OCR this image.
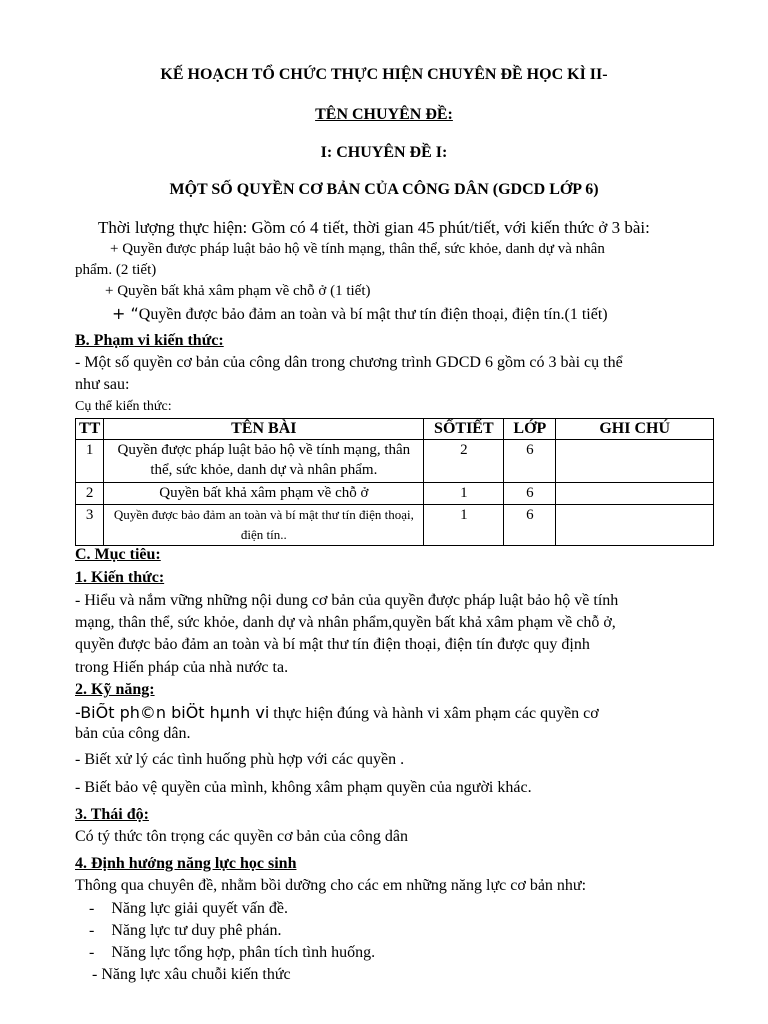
KẾ HOẠCH TỔ CHỨC THỰC HIỆN CHUYÊN ĐỀ HỌC KÌ II-
TÊN CHUYÊN ĐỀ:
I: CHUYÊN ĐỀ I:
MỘT SỐ QUYỀN CƠ BẢN CỦA CÔNG DÂN (GDCD LỚP 6)
Thời lượng thực hiện: Gồm có 4 tiết, thời gian 45 phút/tiết, với kiến thức ở 3 bài:
+ Quyền được pháp luật bảo hộ về tính mạng, thân thể, sức khỏe, danh dự và nhân
phẩm. (2 tiết)
+ Quyền bất khả xâm phạm về chỗ ở (1 tiết)
+ “Quyền được bảo đảm an toàn và bí mật thư tín điện thoại, điện tín.(1 tiết)
B. Phạm vi kiến thức:
- Một số quyền cơ bản của công dân trong chương trình GDCD 6 gồm có 3 bài cụ thể
như sau:
Cụ thể kiến thức:
TT	TÊN BÀI	SỐTIẾT	LỚP	GHI CHÚ
1	Quyền được pháp luật bảo hộ về tính mạng, thân thể, sức khỏe, danh dự và nhân phẩm.	2	6	
2	Quyền bất khả xâm phạm về chỗ ở	1	6	
3	Quyền được bảo đảm an toàn và bí mật thư tín điện thoại, điện tín..	1	6	
C. Mục tiêu:
1. Kiến thức:
- Hiểu và nắm vững những nội dung cơ bản của quyền được pháp luật bảo hộ về tính
mạng, thân thể, sức khỏe, danh dự và nhân phẩm,quyền bất khả xâm phạm về chỗ ở,
quyền được bảo đảm an toàn và bí mật thư tín điện thoại, điện tín được quy định
trong Hiến pháp của nhà nước ta.
2. Kỹ năng:
-BiÕt ph©n biÖt hµnh vi thực hiện đúng và hành vi xâm phạm các quyền cơ
bản của công dân.
- Biết xử lý các tình huống phù hợp với các quyền .
- Biết bảo vệ quyền của mình, không xâm phạm quyền của người khác.
3. Thái độ:
Có tý thức tôn trọng các quyền cơ bản của công dân
4. Định hướng năng lực học sinh
Thông qua chuyên đề, nhằm bồi dưỡng cho các em những năng lực cơ bản như:
- Năng lực giải quyết vấn đề.
- Năng lực tư duy phê phán.
- Năng lực tổng hợp, phân tích tình huống.
- Năng lực xâu chuỗi kiến thức
